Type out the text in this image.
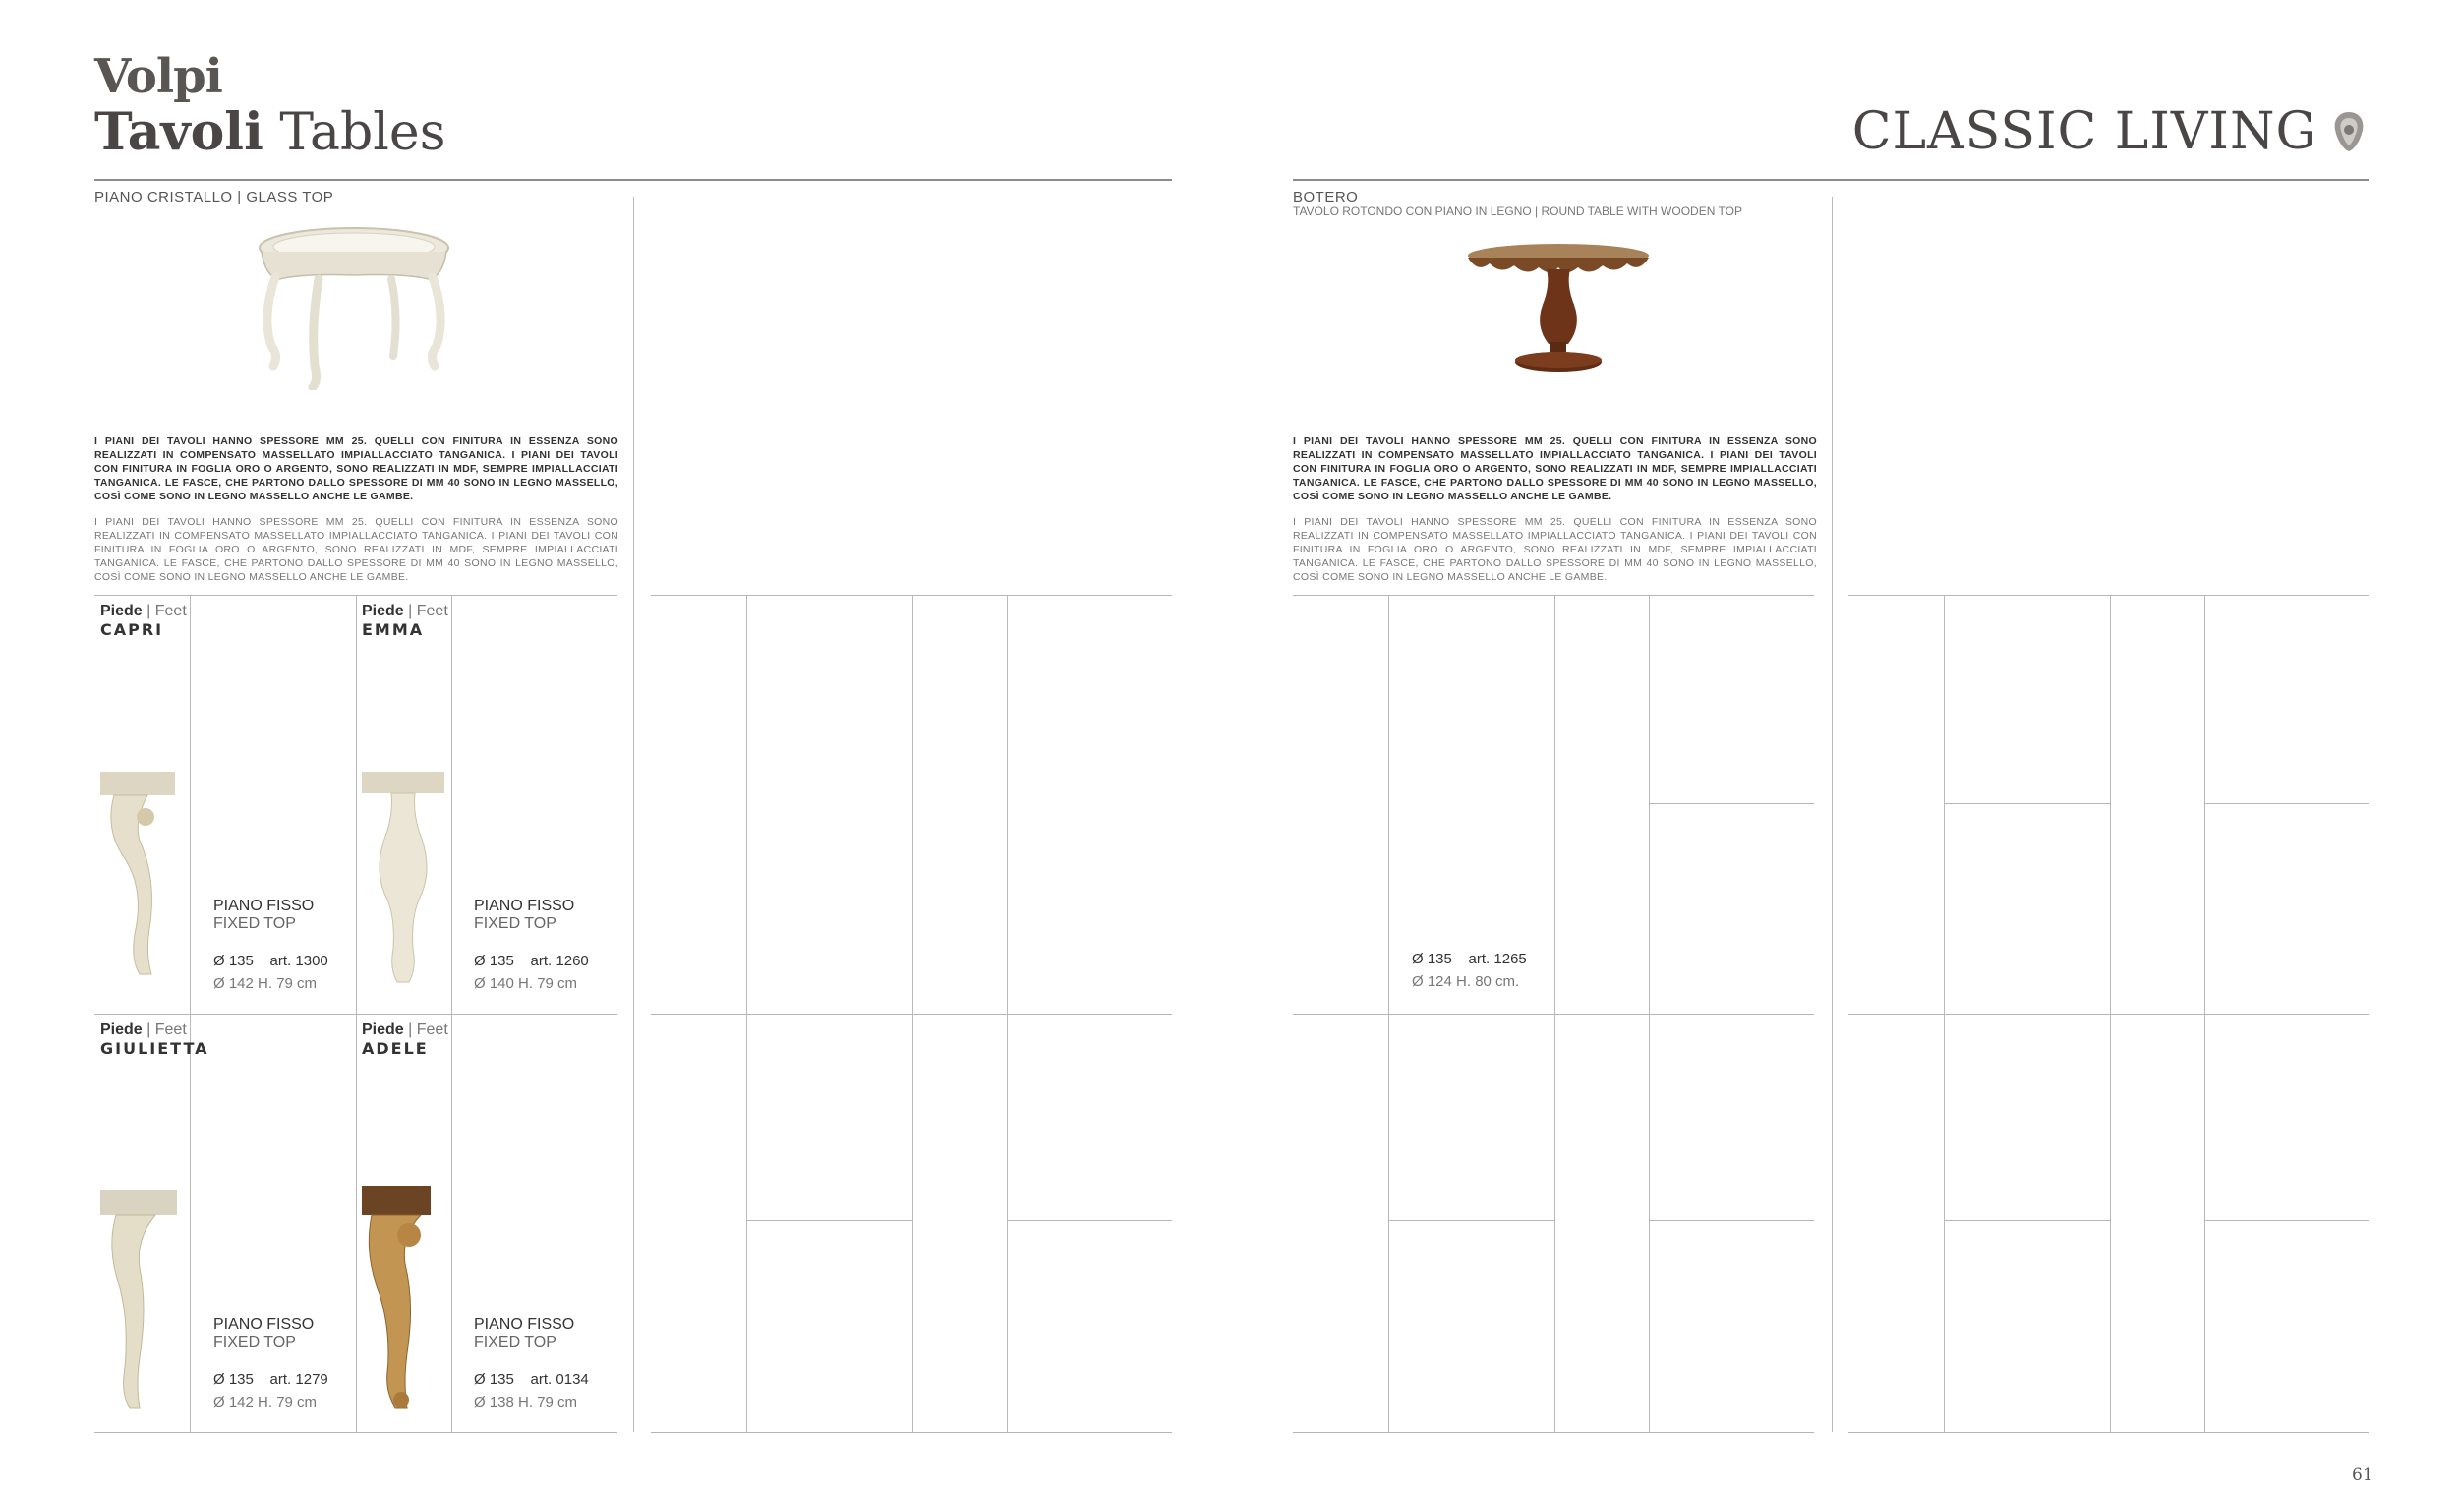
Volpi
Tavoli Tables	CLASSIC LIVING
PIANO CRISTALLO | GLASS TOP
I PIANI DEI TAVOLI HANNO SPESSORE MM 25. QUELLI CON FINITURA IN ESSENZA SONO REALIZZATI IN COMPENSATO MASSELLATO IMPIALLACCIATO TANGANICA. I PIANI DEI TAVOLI CON FINITURA IN FOGLIA ORO O ARGENTO, SONO REALIZZATI IN MDF, SEMPRE IMPIALLACCIATI TANGANICA. LE FASCE, CHE PARTONO DALLO SPESSORE DI MM 40 SONO IN LEGNO MASSELLO, COSÌ COME SONO IN LEGNO MASSELLO ANCHE LE GAMBE.
I PIANI DEI TAVOLI HANNO SPESSORE MM 25. QUELLI CON FINITURA IN ESSENZA SONO REALIZZATI IN COMPENSATO MASSELLATO IMPIALLACCIATO TANGANICA. I PIANI DEI TAVOLI CON FINITURA IN FOGLIA ORO O ARGENTO, SONO REALIZZATI IN MDF, SEMPRE IMPIALLACCIATI TANGANICA. LE FASCE, CHE PARTONO DALLO SPESSORE DI MM 40 SONO IN LEGNO MASSELLO, COSÌ COME SONO IN LEGNO MASSELLO ANCHE LE GAMBE.
Piede | Feet
CAPRI
PIANO FISSO
FIXED TOP
Ø 135 art. 1300
Ø 142 H. 79 cm
Piede | Feet
EMMA
PIANO FISSO
FIXED TOP
Ø 135 art. 1260
Ø 140 H. 79 cm
Piede | Feet
GIULIETTA
PIANO FISSO
FIXED TOP
Ø 135 art. 1279
Ø 142 H. 79 cm
Piede | Feet
ADELE
PIANO FISSO
FIXED TOP
Ø 135 art. 0134
Ø 138 H. 79 cm
BOTERO
TAVOLO ROTONDO CON PIANO IN LEGNO | ROUND TABLE WITH WOODEN TOP
I PIANI DEI TAVOLI HANNO SPESSORE MM 25. QUELLI CON FINITURA IN ESSENZA SONO REALIZZATI IN COMPENSATO MASSELLATO IMPIALLACCIATO TANGANICA. I PIANI DEI TAVOLI CON FINITURA IN FOGLIA ORO O ARGENTO, SONO REALIZZATI IN MDF, SEMPRE IMPIALLACCIATI TANGANICA. LE FASCE, CHE PARTONO DALLO SPESSORE DI MM 40 SONO IN LEGNO MASSELLO, COSÌ COME SONO IN LEGNO MASSELLO ANCHE LE GAMBE.
I PIANI DEI TAVOLI HANNO SPESSORE MM 25. QUELLI CON FINITURA IN ESSENZA SONO REALIZZATI IN COMPENSATO MASSELLATO IMPIALLACCIATO TANGANICA. I PIANI DEI TAVOLI CON FINITURA IN FOGLIA ORO O ARGENTO, SONO REALIZZATI IN MDF, SEMPRE IMPIALLACCIATI TANGANICA. LE FASCE, CHE PARTONO DALLO SPESSORE DI MM 40 SONO IN LEGNO MASSELLO, COSÌ COME SONO IN LEGNO MASSELLO ANCHE LE GAMBE.
Ø 135 art. 1265
Ø 124 H. 80 cm.
61
